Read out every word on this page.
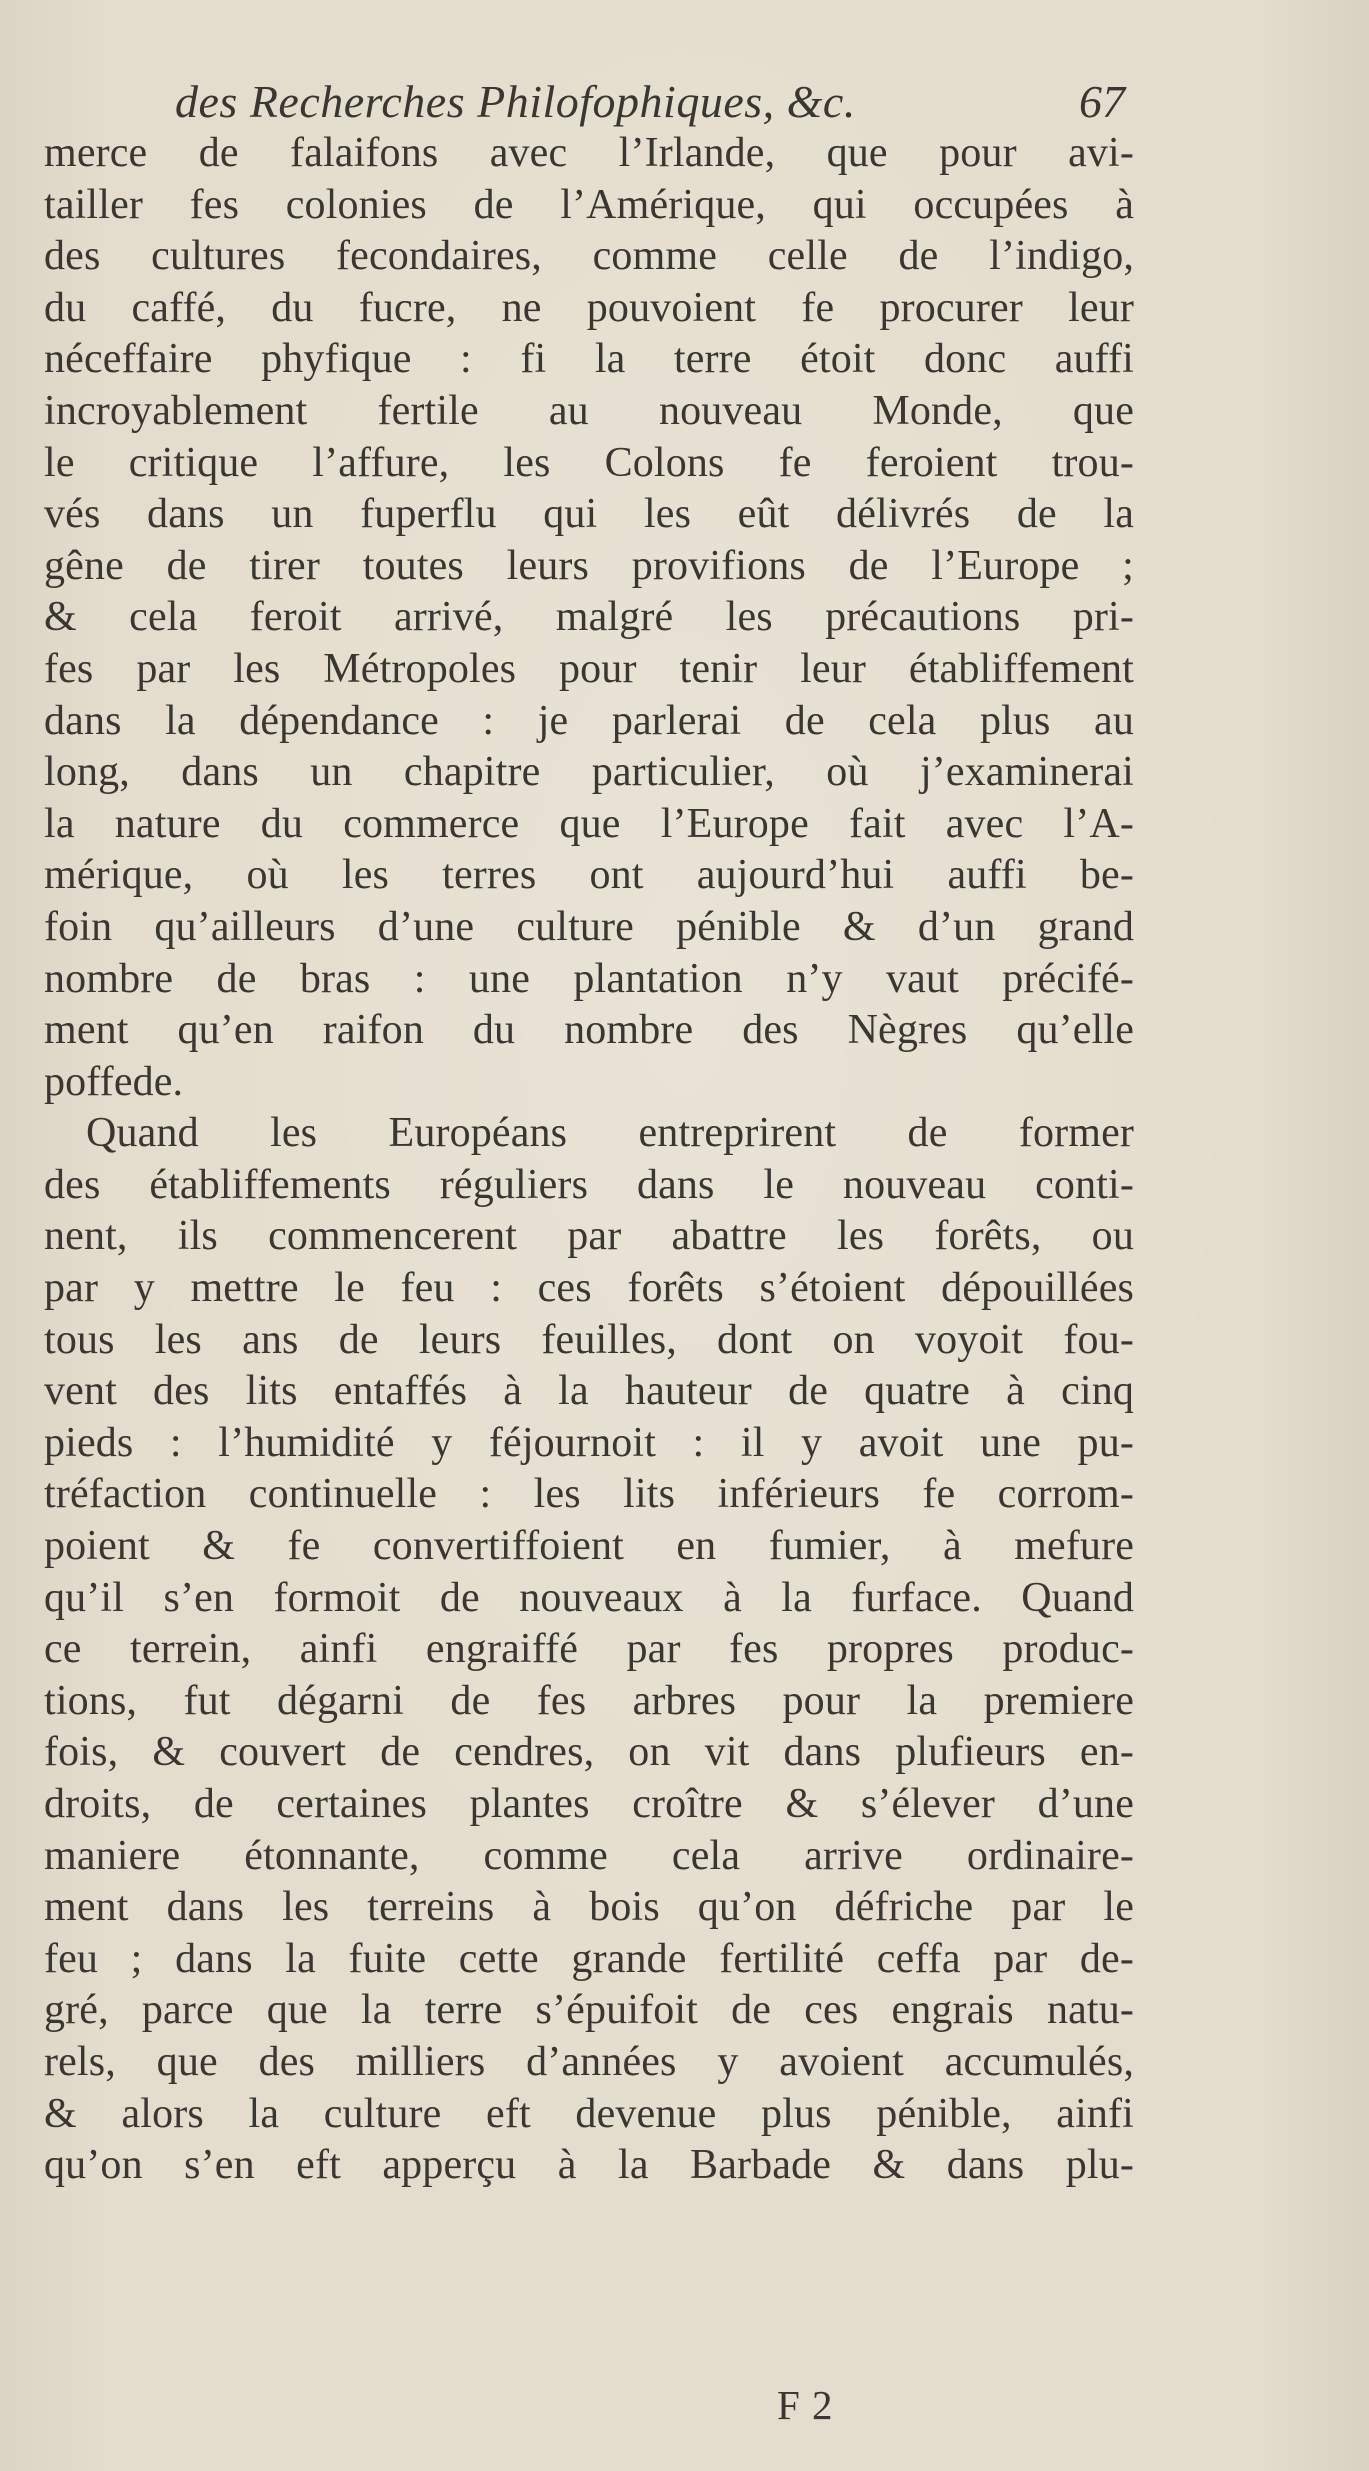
des Recherches Philofophiques, &c.	67
merce de falaifons avec l’Irlande, que pour avi-
tailler fes colonies de l’Amérique, qui occupées à
des cultures fecondaires, comme celle de l’indigo,
du caffé, du fucre, ne pouvoient fe procurer leur
néceffaire phyfique : fi la terre étoit donc auffi
incroyablement fertile au nouveau Monde, que
le critique l’affure, les Colons fe feroient trou-
vés dans un fuperflu qui les eût délivrés de la
gêne de tirer toutes leurs provifions de l’Europe ;
& cela feroit arrivé, malgré les précautions pri-
fes par les Métropoles pour tenir leur établiffement
dans la dépendance : je parlerai de cela plus au
long, dans un chapitre particulier, où j’examinerai
la nature du commerce que l’Europe fait avec l’A-
mérique, où les terres ont aujourd’hui auffi be-
foin qu’ailleurs d’une culture pénible & d’un grand
nombre de bras : une plantation n’y vaut précifé-
ment qu’en raifon du nombre des Nègres qu’elle
poffede.
Quand les Européans entreprirent de former
des établiffements réguliers dans le nouveau conti-
nent, ils commencerent par abattre les forêts, ou
par y mettre le feu : ces forêts s’étoient dépouillées
tous les ans de leurs feuilles, dont on voyoit fou-
vent des lits entaffés à la hauteur de quatre à cinq
pieds : l’humidité y féjournoit : il y avoit une pu-
tréfaction continuelle : les lits inférieurs fe corrom-
poient & fe convertiffoient en fumier, à mefure
qu’il s’en formoit de nouveaux à la furface. Quand
ce terrein, ainfi engraiffé par fes propres produc-
tions, fut dégarni de fes arbres pour la premiere
fois, & couvert de cendres, on vit dans plufieurs en-
droits, de certaines plantes croître & s’élever d’une
maniere étonnante, comme cela arrive ordinaire-
ment dans les terreins à bois qu’on défriche par le
feu ; dans la fuite cette grande fertilité ceffa par de-
gré, parce que la terre s’épuifoit de ces engrais natu-
rels, que des milliers d’années y avoient accumulés,
& alors la culture eft devenue plus pénible, ainfi
qu’on s’en eft apperçu à la Barbade & dans plu-
F 2
